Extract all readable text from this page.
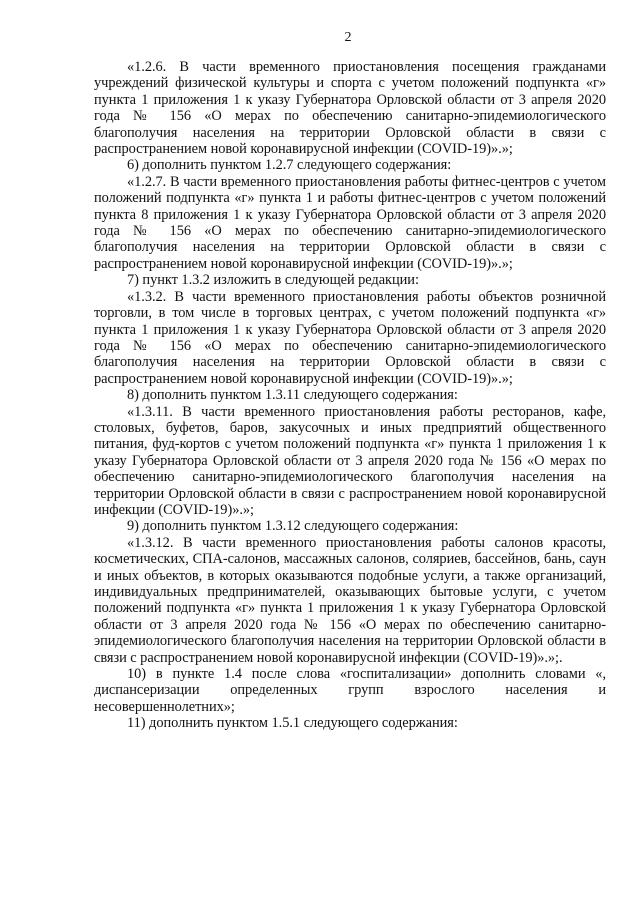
2

«1.2.6. В части временного приостановления посещения гражданами учреждений физической культуры и спорта с учетом положений подпункта «г» пункта 1 приложения 1 к указу Губернатора Орловской области от 3 апреля 2020 года № 156 «О мерах по обеспечению санитарно-эпидемиологического благополучия населения на территории Орловской области в связи с распространением новой коронавирусной инфекции (COVID-19)».»;

6) дополнить пунктом 1.2.7 следующего содержания:

«1.2.7. В части временного приостановления работы фитнес-центров с учетом положений подпункта «г» пункта 1 и работы фитнес-центров с учетом положений пункта 8 приложения 1 к указу Губернатора Орловской области от 3 апреля 2020 года № 156 «О мерах по обеспечению санитарно-эпидемиологического благополучия населения на территории Орловской области в связи с распространением новой коронавирусной инфекции (COVID-19)».»;

7) пункт 1.3.2 изложить в следующей редакции:

«1.3.2. В части временного приостановления работы объектов розничной торговли, в том числе в торговых центрах, с учетом положений подпункта «г» пункта 1 приложения 1 к указу Губернатора Орловской области от 3 апреля 2020 года № 156 «О мерах по обеспечению санитарно-эпидемиологического благополучия населения на территории Орловской области в связи с распространением новой коронавирусной инфекции (COVID-19)».»;

8) дополнить пунктом 1.3.11 следующего содержания:

«1.3.11. В части временного приостановления работы ресторанов, кафе, столовых, буфетов, баров, закусочных и иных предприятий общественного питания, фуд-кортов с учетом положений подпункта «г» пункта 1 приложения 1 к указу Губернатора Орловской области от 3 апреля 2020 года № 156 «О мерах по обеспечению санитарно-эпидемиологического благополучия населения на территории Орловской области в связи с распространением новой коронавирусной инфекции (COVID-19)».»;

9) дополнить пунктом 1.3.12 следующего содержания:

«1.3.12. В части временного приостановления работы салонов красоты, косметических, СПА-салонов, массажных салонов, соляриев, бассейнов, бань, саун и иных объектов, в которых оказываются подобные услуги, а также организаций, индивидуальных предпринимателей, оказывающих бытовые услуги, с учетом положений подпункта «г» пункта 1 приложения 1 к указу Губернатора Орловской области от 3 апреля 2020 года № 156 «О мерах по обеспечению санитарно-эпидемиологического благополучия населения на территории Орловской области в связи с распространением новой коронавирусной инфекции (COVID-19)».»;.

10) в пункте 1.4 после слова «госпитализации» дополнить словами «, диспансеризации определенных групп взрослого населения и несовершеннолетних»;

11) дополнить пунктом 1.5.1 следующего содержания:
